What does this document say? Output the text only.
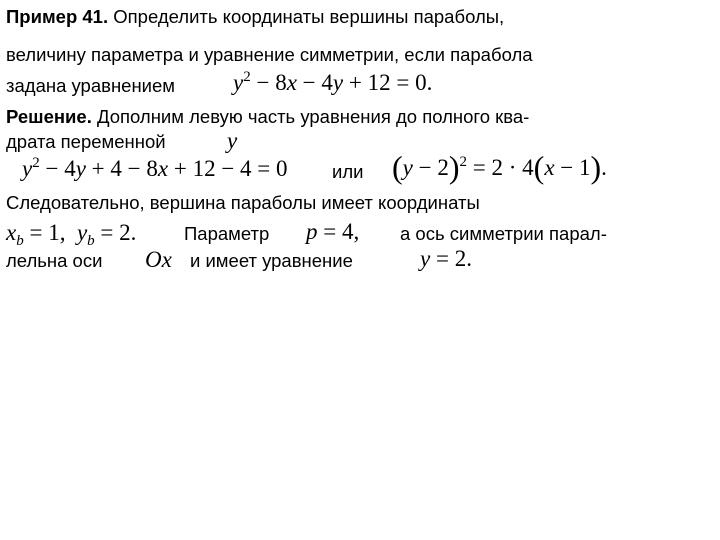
Пример 41. Определить координаты вершины параболы,
величину параметра и уравнение симметрии, если парабола
задана уравнением	$y^2 - 8x - 4y + 12 = 0$.
Решение. Дополним левую часть уравнения до полного ква-
драта переменной	y
$y^2 - 4y + 4 - 8x + 12 - 4 = 0$ или $(y - 2)^2 = 2 \cdot 4(x - 1)$.
Следовательно, вершина параболы имеет координаты
$x_b = 1$, $y_b = 2$.	Параметр p = 4, а ось симметрии парал-
лельна оси Ox и имеет уравнение	y = 2.
